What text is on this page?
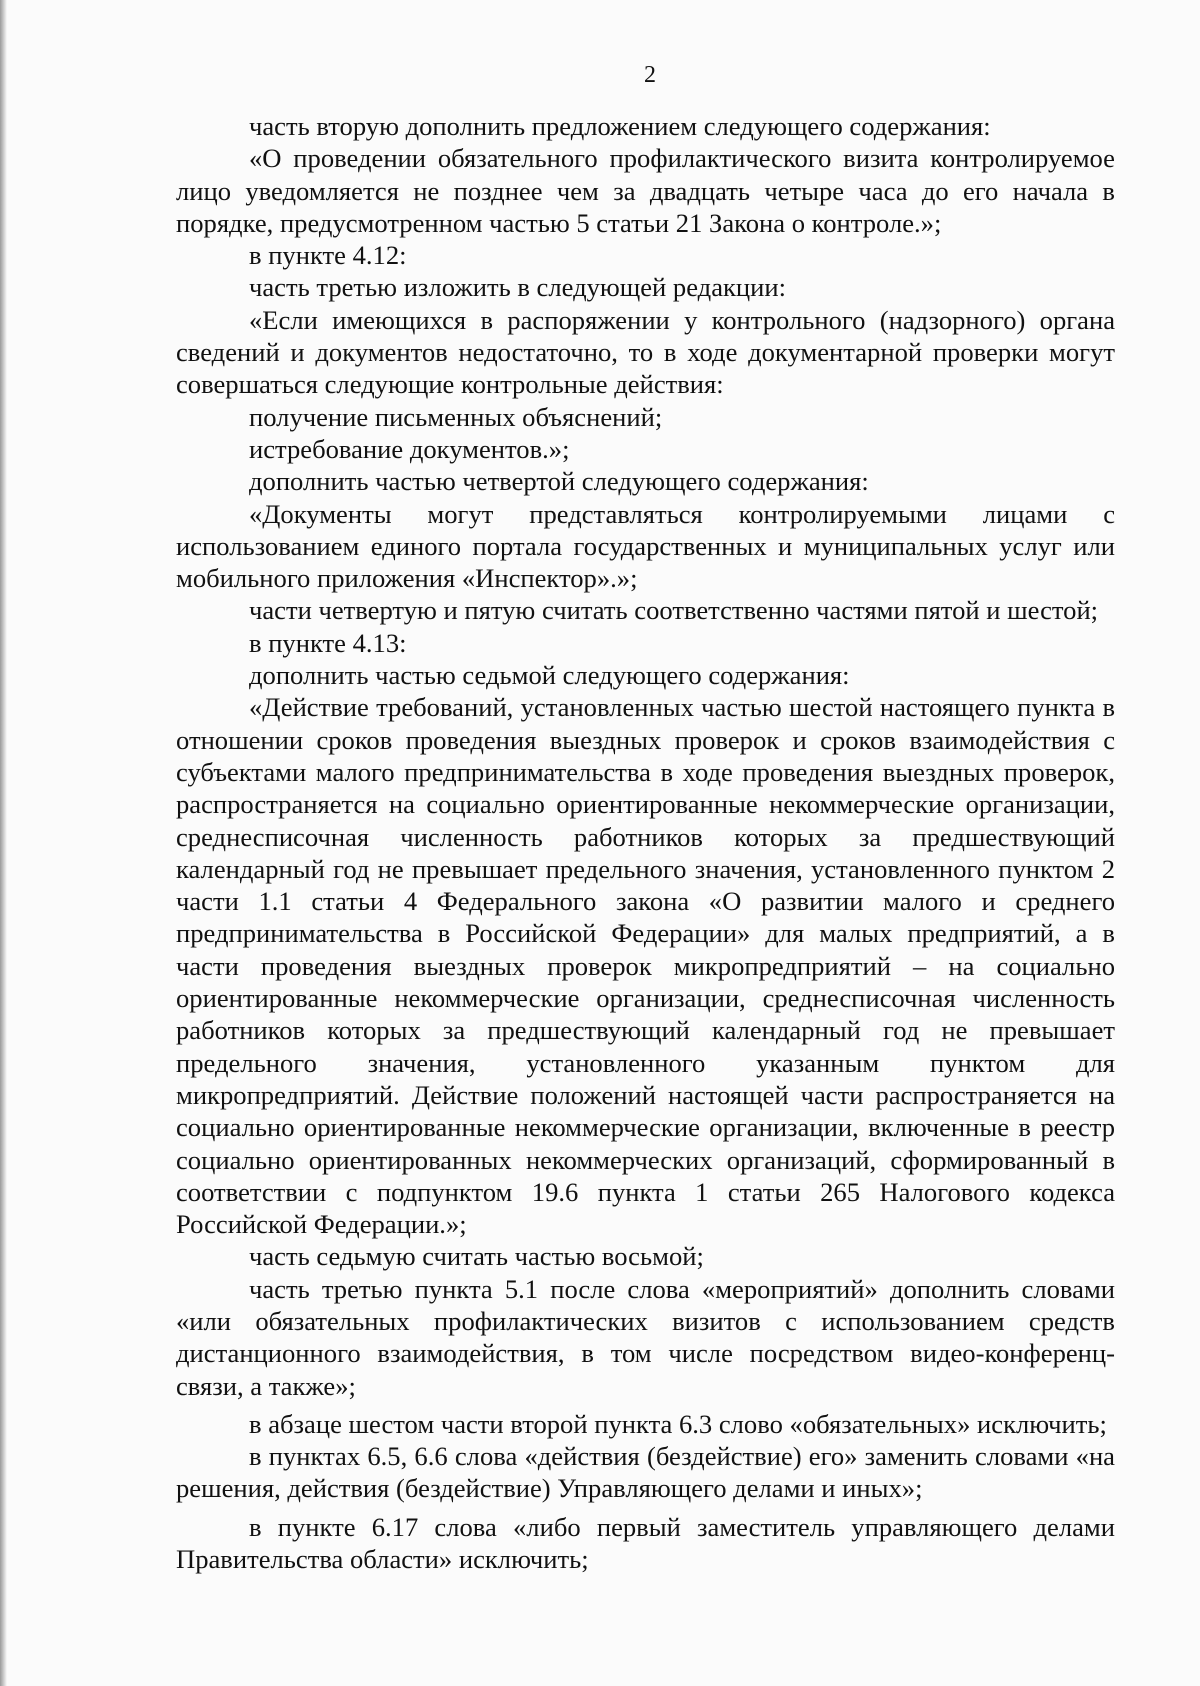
2

часть вторую дополнить предложением следующего содержания:

«О проведении обязательного профилактического визита контролируемое лицо уведомляется не позднее чем за двадцать четыре часа до его начала в порядке, предусмотренном частью 5 статьи 21 Закона о контроле.»;

в пункте 4.12:

часть третью изложить в следующей редакции:

«Если имеющихся в распоряжении у контрольного (надзорного) органа сведений и документов недостаточно, то в ходе документарной проверки могут совершаться следующие контрольные действия:

получение письменных объяснений;

истребование документов.»;

дополнить частью четвертой следующего содержания:

«Документы могут представляться контролируемыми лицами с использованием единого портала государственных и муниципальных услуг или мобильного приложения «Инспектор».»;

части четвертую и пятую считать соответственно частями пятой и шестой;

в пункте 4.13:

дополнить частью седьмой следующего содержания:

«Действие требований, установленных частью шестой настоящего пункта в отношении сроков проведения выездных проверок и сроков взаимодействия с субъектами малого предпринимательства в ходе проведения выездных проверок, распространяется на социально ориентированные некоммерческие организации, среднесписочная численность работников которых за предшествующий календарный год не превышает предельного значения, установленного пунктом 2 части 1.1 статьи 4 Федерального закона «О развитии малого и среднего предпринимательства в Российской Федерации» для малых предприятий, а в части проведения выездных проверок микропредприятий – на социально ориентированные некоммерческие организации, среднесписочная численность работников которых за предшествующий календарный год не превышает предельного значения, установленного указанным пунктом для микропредприятий. Действие положений настоящей части распространяется на социально ориентированные некоммерческие организации, включенные в реестр социально ориентированных некоммерческих организаций, сформированный в соответствии с подпунктом 19.6 пункта 1 статьи 265 Налогового кодекса Российской Федерации.»;

часть седьмую считать частью восьмой;

часть третью пункта 5.1 после слова «мероприятий» дополнить словами «или обязательных профилактических визитов с использованием средств дистанционного взаимодействия, в том числе посредством видео-конференц-связи, а также»;

в абзаце шестом части второй пункта 6.3 слово «обязательных» исключить;

в пунктах 6.5, 6.6 слова «действия (бездействие) его» заменить словами «на решения, действия (бездействие) Управляющего делами и иных»;

в пункте 6.17 слова «либо первый заместитель управляющего делами Правительства области» исключить;
